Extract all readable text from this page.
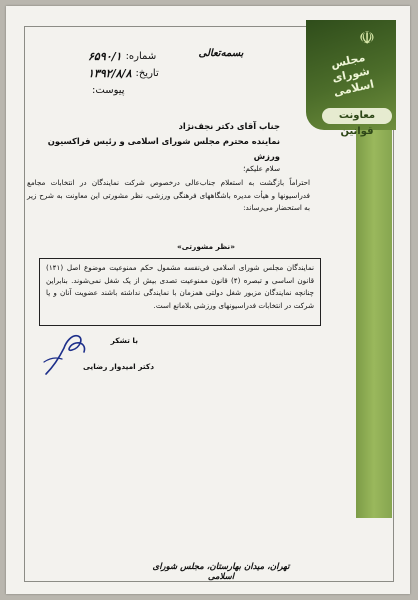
☫
مجلس شورای اسلامی
معاونت قوانین
بسمه‌تعالی
شماره:
۶۵۹۰/۱
تاریخ:
۱۳۹۲/۸/۸
پیوست:
جناب آقای دکتر نجف‌نژاد
نماینده محترم مجلس شورای اسلامی و رئیس فراکسیون ورزش
سلام علیکم؛
احتراماً بازگشت به استعلام جناب‌عالی درخصوص شرکت نمایندگان در انتخابات مجامع فدراسیونها و هیأت مدیره باشگاههای فرهنگی ورزشی، نظر مشورتی این معاونت به شرح زیر به استحضار می‌رساند:
«نظر مشورتی»
نمایندگان مجلس شورای اسلامی فی‌نفسه مشمول حکم ممنوعیت موضوع اصل (۱۴۱) قانون اساسی و تبصره (۴) قانون ممنوعیت تصدی بیش از یک شغل نمی‌شوند. بنابراین چنانچه نمایندگان مزبور شغل دولتی همزمان با نمایندگی نداشته باشند عضویت آنان و یا شرکت در انتخابات فدراسیونهای ورزشی بلامانع است.
با تشکر
دکتر امیدوار رضایی
تهران، میدان بهارستان، مجلس شورای اسلامی
